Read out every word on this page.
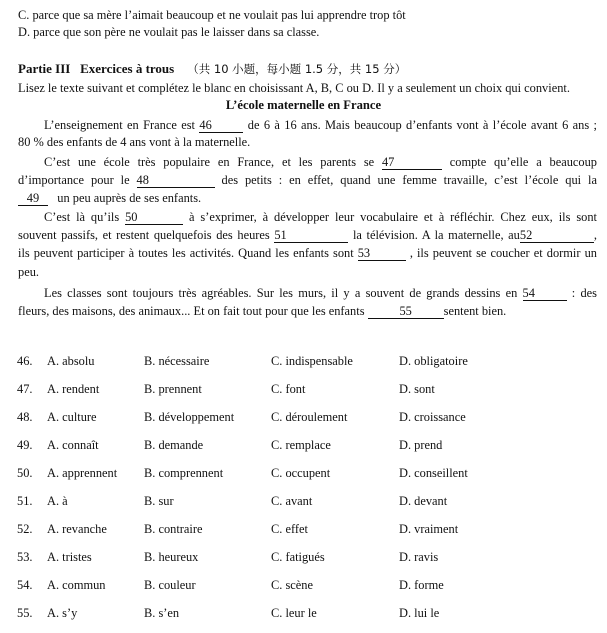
C. parce que sa mère l’aimait beaucoup et ne voulait pas lui apprendre trop tôt
D. parce que son père ne voulait pas le laisser dans sa classe.
Partie III Exercices à trous （共 10 小题，每小题 1.5 分，共 15 分）
Lisez le texte suivant et complétez le blanc en choisissant A, B, C ou D. Il y a seulement un choix qui convient.
L’école maternelle en France
L’enseignement en France est 46	de 6 à 16 ans. Mais beaucoup d’enfants vont à l’école avant 6 ans ;
80 % des enfants de 4 ans vont à la maternelle.
C’est une école très populaire en France, et les parents se 47	compte qu’elle a beaucoup
d’importance pour le 48	des petits : en effet, quand une femme travaille, c’est l’école qui la
49 un peu auprès de ses enfants.
C’est là qu’ils 50	à s’exprimer, à développer leur vocabulaire et à réfléchir. Chez eux, ils sont
souvent passifs, et restent quelquefois des heures 51	la télévision. A la maternelle, au52	,
ils peuvent participer à toutes les activités. Quand les enfants sont 53	, ils peuvent se coucher et dormir un
peu.
Les classes sont toujours très agréables. Sur les murs, il y a souvent de grands dessins en 54	: des
fleurs, des maisons, des animaux... Et on fait tout pour que les enfants	55	sentent bien.
46. A. absolu	B. nécessaire	C. indispensable	D. obligatoire
47. A. rendent	B. prennent	C. font	D. sont
48. A. culture	B. développement	C. déroulement	D. croissance
49. A. connaît	B. demande	C. remplace	D. prend
50. A. apprennent B. comprennent	C. occupent	D. conseillent
51. A. à	B. sur	C. avant	D. devant
52. A. revanche	B. contraire	C. effet	D. vraiment
53. A. tristes	B. heureux	C. fatigués	D. ravis
54. A. commun	B. couleur	C. scène	D. forme
55. A. s’y	B. s’en	C. leur le	D. lui le
